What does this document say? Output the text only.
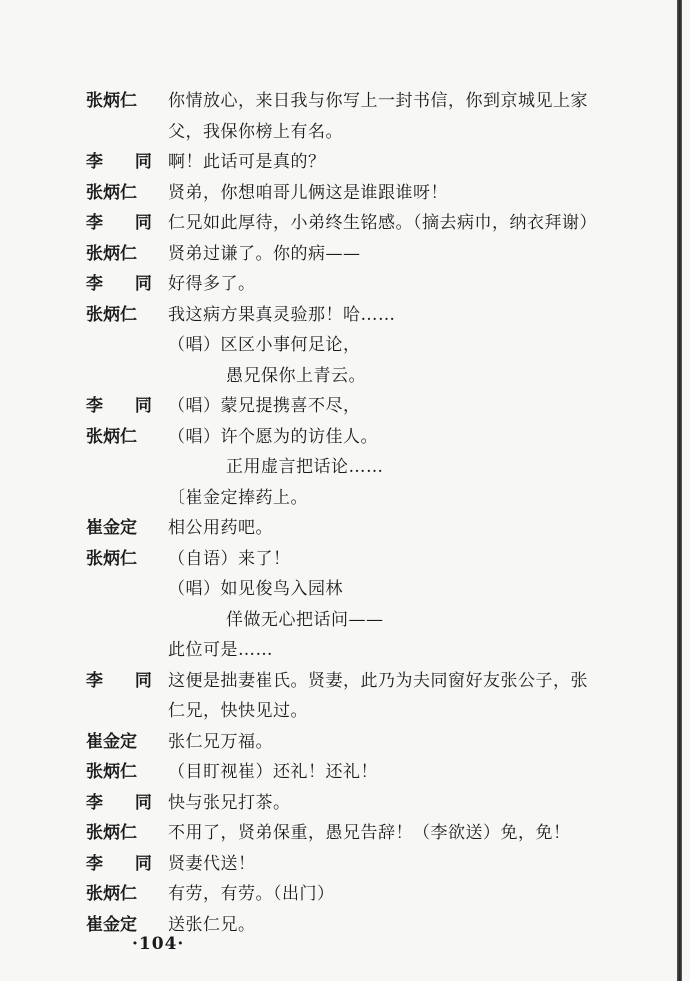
张炳仁	你情放心，来日我与你写上一封书信，你到京城见上家
父，我保你榜上有名。
李 同 啊！此话可是真的？
张炳仁	贤弟，你想咱哥儿俩这是谁跟谁呀！
李 同 仁兄如此厚待，小弟终生铭感。（摘去病巾，纳衣拜谢）
张炳仁	贤弟过谦了。你的病——
李 同 好得多了。
张炳仁	我这病方果真灵验那！哈……
（唱）区区小事何足论，
愚兄保你上青云。
李 同 （唱）蒙兄提携喜不尽，
张炳仁	（唱）许个愿为的访佳人。
正用虚言把话论……
〔崔金定捧药上。
崔金定	相公用药吧。
张炳仁	（自语）来了！
（唱）如见俊鸟入园林
佯做无心把话问——
此位可是……
李 同 这便是拙妻崔氏。贤妻，此乃为夫同窗好友张公子，张
仁兄，快快见过。
崔金定	张仁兄万福。
张炳仁	（目盯视崔）还礼！还礼！
李 同 快与张兄打茶。
张炳仁	不用了，贤弟保重，愚兄告辞！（李欲送）免，免！
李 同 贤妻代送！
张炳仁	有劳，有劳。（出门）
崔金定	送张仁兄。
·104·
